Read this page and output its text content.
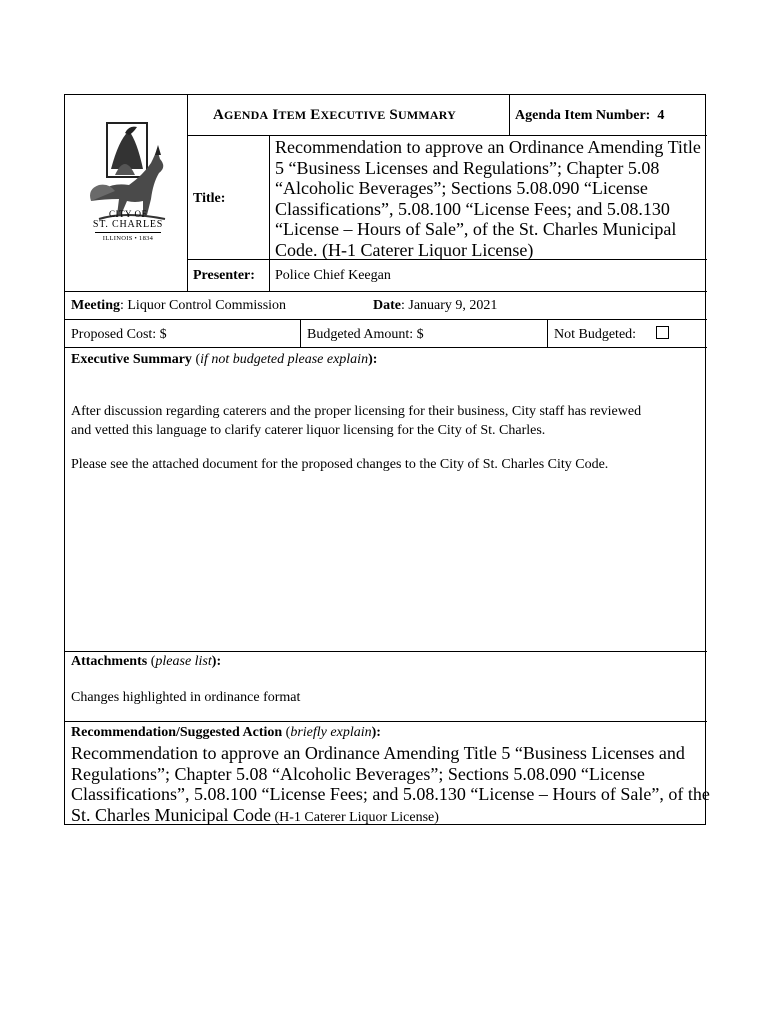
CITY OF
ST. CHARLES
ILLINOIS • 1834
AGENDA ITEM EXECUTIVE SUMMARY	Agenda Item Number: 4
Title:
Recommendation to approve an Ordinance Amending Title
5 “Business Licenses and Regulations”; Chapter 5.08
“Alcoholic Beverages”; Sections 5.08.090 “License
Classifications”, 5.08.100 “License Fees; and 5.08.130
“License – Hours of Sale”, of the St. Charles Municipal
Code. (H-1 Caterer Liquor License)
Presenter: Police Chief Keegan
Meeting: Liquor Control Commission	Date: January 9, 2021
Proposed Cost: $	Budgeted Amount: $	Not Budgeted:
Executive Summary (if not budgeted please explain):
After discussion regarding caterers and the proper licensing for their business, City staff has reviewed
and vetted this language to clarify caterer liquor licensing for the City of St. Charles.
Please see the attached document for the proposed changes to the City of St. Charles City Code.
Attachments (please list):
Changes highlighted in ordinance format
Recommendation/Suggested Action (briefly explain):
Recommendation to approve an Ordinance Amending Title 5 “Business Licenses and
Regulations”; Chapter 5.08 “Alcoholic Beverages”; Sections 5.08.090 “License
Classifications”, 5.08.100 “License Fees; and 5.08.130 “License – Hours of Sale”, of the
St. Charles Municipal Code (H-1 Caterer Liquor License)
